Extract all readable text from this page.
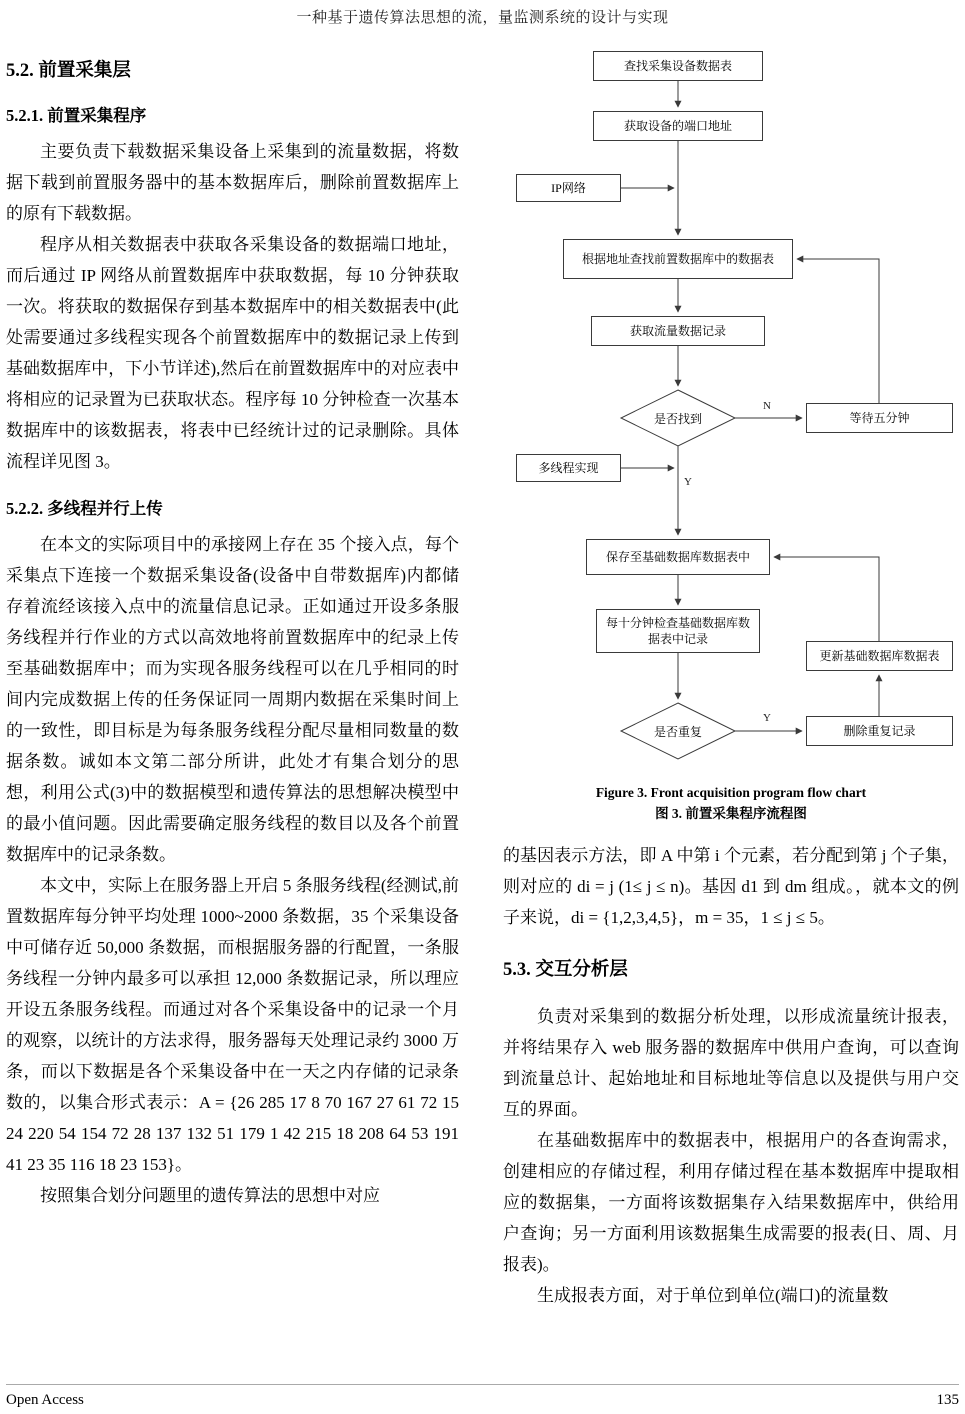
一种基于遗传算法思想的流，量监测系统的设计与实现
5.2. 前置采集层
5.2.1. 前置采集程序

主要负责下载数据采集设备上采集到的流量数据，将数据下载到前置服务器中的基本数据库后，删除前置数据库上的原有下载数据。

程序从相关数据表中获取各采集设备的数据端口地址，而后通过 IP 网络从前置数据库中获取数据，每 10 分钟获取一次。将获取的数据保存到基本数据库中的相关数据表中(此处需要通过多线程实现各个前置数据库中的数据记录上传到基础数据库中，下小节详述),然后在前置数据库中的对应表中将相应的记录置为已获取状态。程序每 10 分钟检查一次基本数据库中的该数据表，将表中已经统计过的记录删除。具体流程详见图 3。

5.2.2. 多线程并行上传

在本文的实际项目中的承接网上存在 35 个接入点，每个采集点下连接一个数据采集设备(设备中自带数据库)内都储存着流经该接入点中的流量信息记录。正如通过开设多条服务线程并行作业的方式以高效地将前置数据库中的纪录上传至基础数据库中；而为实现各服务线程可以在几乎相同的时间内完成数据上传的任务保证同一周期内数据在采集时间上的一致性，即目标是为每条服务线程分配尽量相同数量的数据条数。诚如本文第二部分所讲，此处才有集合划分的思想，利用公式(3)中的数据模型和遗传算法的思想解决模型中的最小值问题。因此需要确定服务线程的数目以及各个前置数据库中的记录条数。

本文中，实际上在服务器上开启 5 条服务线程(经测试,前置数据库每分钟平均处理 1000~2000 条数据，35 个采集设备中可储存近 50,000 条数据，而根据服务器的行配置，一条服务线程一分钟内最多可以承担 12,000 条数据记录，所以理应开设五条服务线程。而通过对各个采集设备中的记录一个月的观察，以统计的方法求得，服务器每天处理记录约 3000 万条，而以下数据是各个采集设备中在一天之内存储的记录条数的，以集合形式表示：A = {26 285 17 8 70 167 27 61 72 15 24 220 54 154 72 28 137 132 51 179 1 42 215 18 208 64 53 191 41 23 35 116 18 23 153}。

按照集合划分问题里的遗传算法的思想中对应

查找采集设备数据表
获取设备的端口地址
IP网络
根据地址查找前置数据库中的数据表
获取流量数据记录
等待五分钟
多线程实现
保存至基础数据库数据表中
每十分钟检查基础数据库数据表中记录
更新基础数据库数据表
删除重复记录
是否找到
是否重复
N
Y
Y
Figure 3. Front acquisition program flow chart
图 3. 前置采集程序流程图

的基因表示方法，即 A 中第 i 个元素，若分配到第 j 个子集，则对应的 di = j (1≤ j ≤ n)。基因 d1 到 dm 组成。，就本文的例子来说，di = {1,2,3,4,5}，m = 35，1 ≤ j ≤ 5。

5.3. 交互分析层

负责对采集到的数据分析处理，以形成流量统计报表，并将结果存入 web 服务器的数据库中供用户查询，可以查询到流量总计、起始地址和目标地址等信息以及提供与用户交互的界面。

在基础数据库中的数据表中，根据用户的各查询需求，创建相应的存储过程，利用存储过程在基本数据库中提取相应的数据集，一方面将该数据集存入结果数据库中，供给用户查询；另一方面利用该数据集生成需要的报表(日、周、月报表)。

生成报表方面，对于单位到单位(端口)的流量数

Open Access	135
